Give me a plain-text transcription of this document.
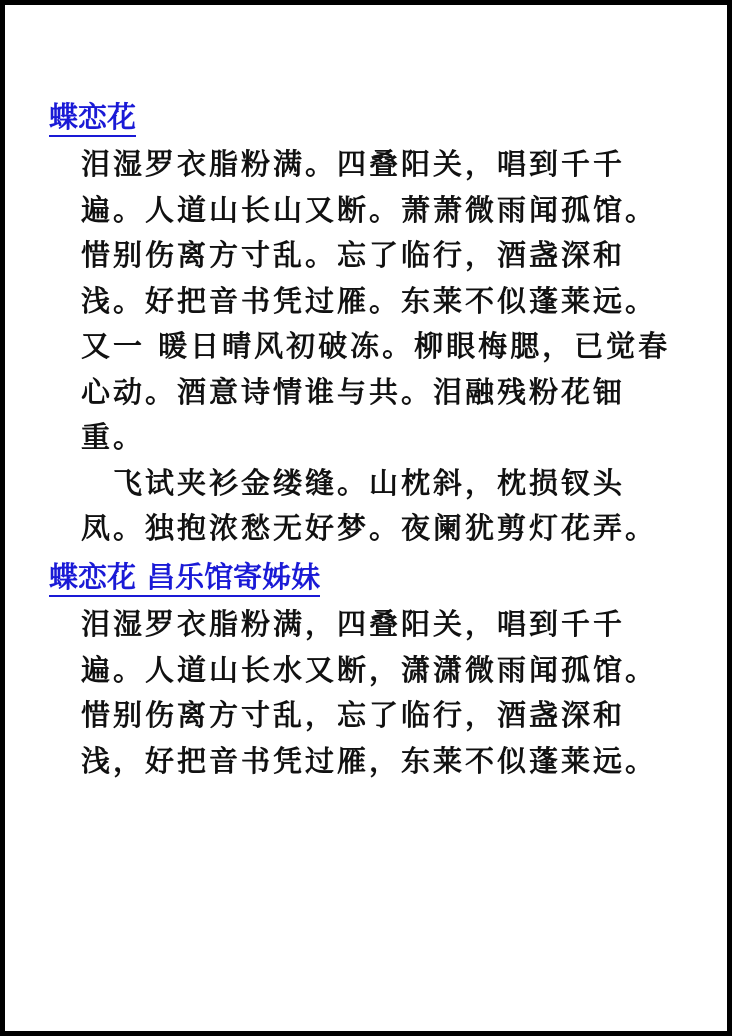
蝶恋花
泪湿罗衣脂粉满。四叠阳关，唱到千千
遍。人道山长山又断。萧萧微雨闻孤馆。
惜别伤离方寸乱。忘了临行，酒盏深和
浅。好把音书凭过雁。东莱不似蓬莱远。
又一 暖日晴风初破冻。柳眼梅腮，已觉春
心动。酒意诗情谁与共。泪融残粉花钿
重。
　飞试夹衫金缕缝。山枕斜，枕损钗头
凤。独抱浓愁无好梦。夜阑犹剪灯花弄。
蝶恋花 昌乐馆寄姊妹
泪湿罗衣脂粉满，四叠阳关，唱到千千
遍。人道山长水又断，潇潇微雨闻孤馆。
惜别伤离方寸乱，忘了临行，酒盏深和
浅，好把音书凭过雁，东莱不似蓬莱远。
